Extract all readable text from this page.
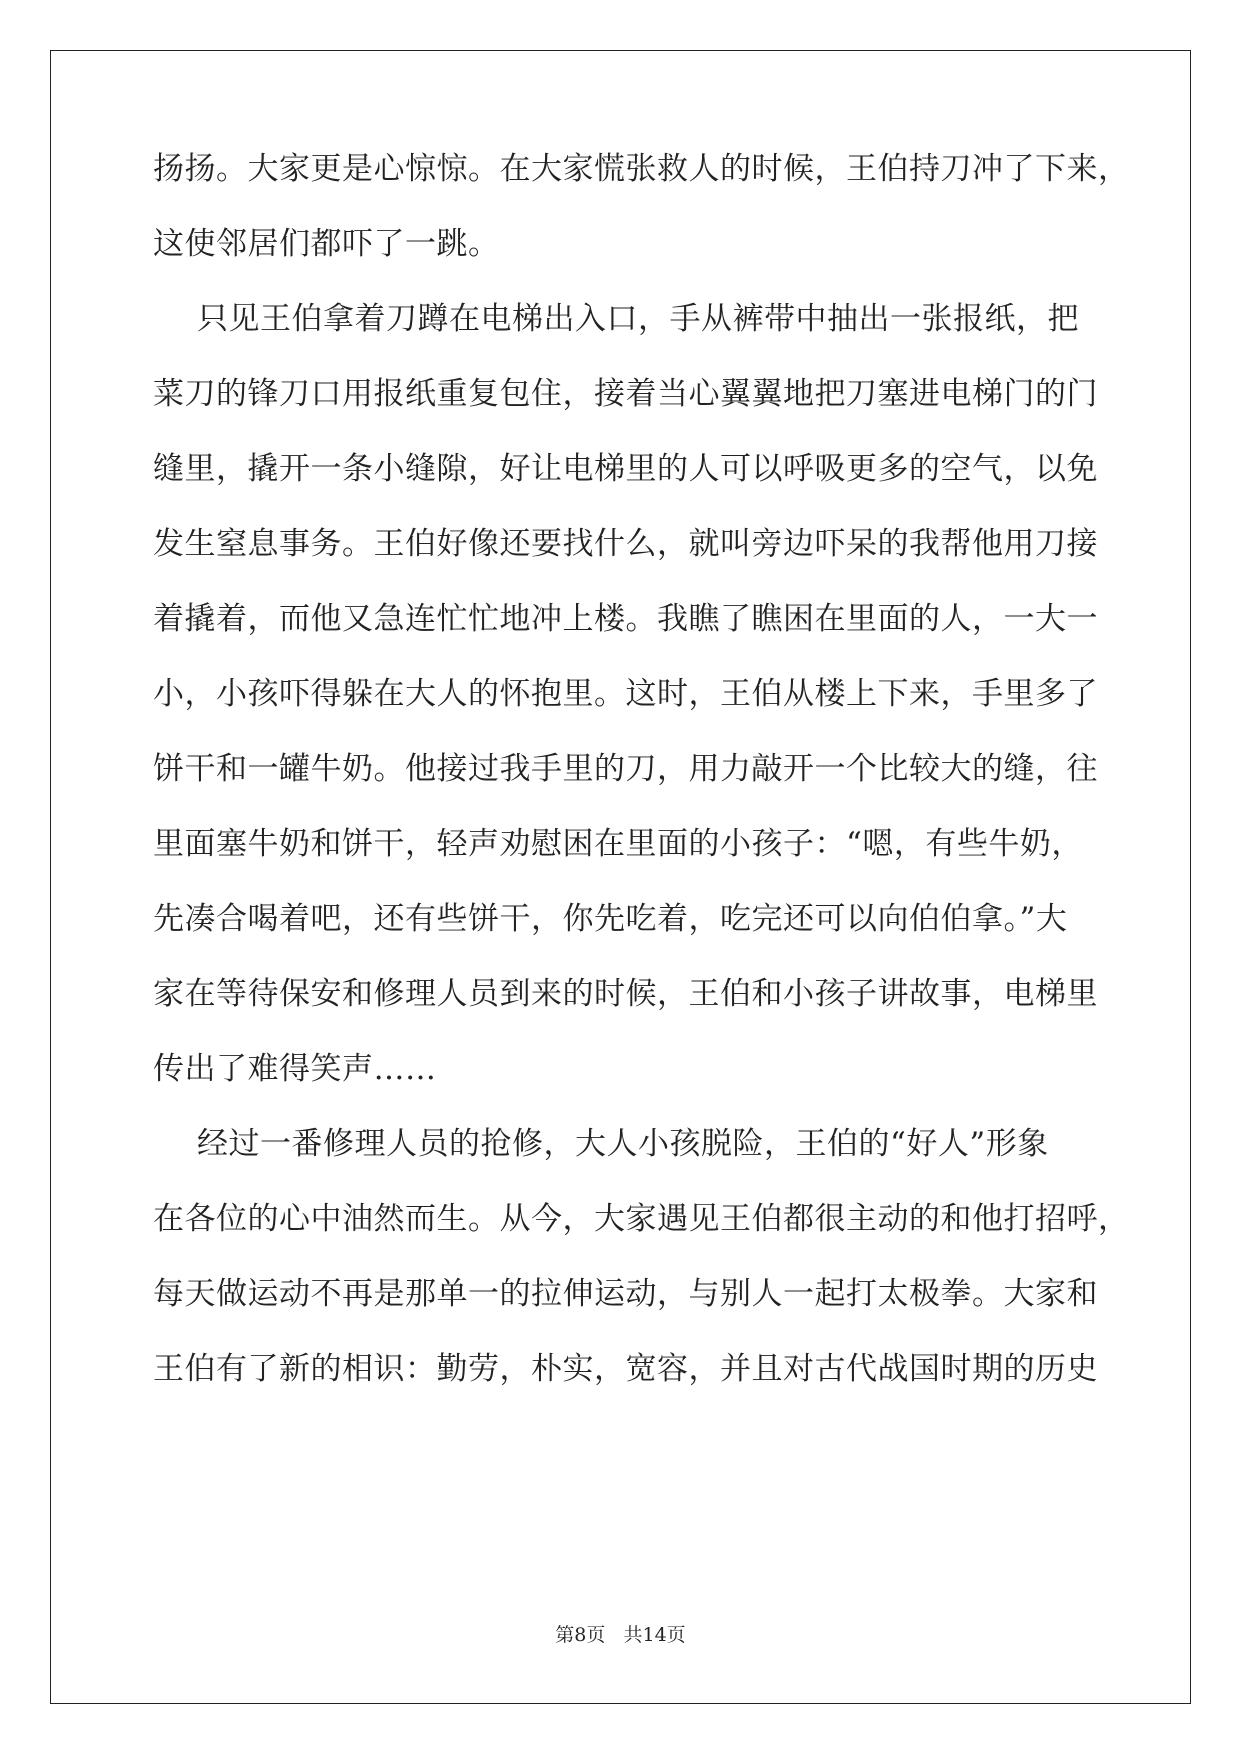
扬扬。大家更是心惊惊。在大家慌张救人的时候，王伯持刀冲了下来，
这使邻居们都吓了一跳。
只见王伯拿着刀蹲在电梯出入口，手从裤带中抽出一张报纸，把
菜刀的锋刀口用报纸重复包住，接着当心翼翼地把刀塞进电梯门的门
缝里，撬开一条小缝隙，好让电梯里的人可以呼吸更多的空气，以免
发生窒息事务。王伯好像还要找什么，就叫旁边吓呆的我帮他用刀接
着撬着，而他又急连忙忙地冲上楼。我瞧了瞧困在里面的人，一大一
小，小孩吓得躲在大人的怀抱里。这时，王伯从楼上下来，手里多了
饼干和一罐牛奶。他接过我手里的刀，用力敲开一个比较大的缝，往
里面塞牛奶和饼干，轻声劝慰困在里面的小孩子：“嗯，有些牛奶，
先凑合喝着吧，还有些饼干，你先吃着，吃完还可以向伯伯拿。”大
家在等待保安和修理人员到来的时候，王伯和小孩子讲故事，电梯里
传出了难得笑声……
经过一番修理人员的抢修，大人小孩脱险，王伯的“好人”形象
在各位的心中油然而生。从今，大家遇见王伯都很主动的和他打招呼，
每天做运动不再是那单一的拉伸运动，与别人一起打太极拳。大家和
王伯有了新的相识：勤劳，朴实，宽容，并且对古代战国时期的历史
第8页   共14页
